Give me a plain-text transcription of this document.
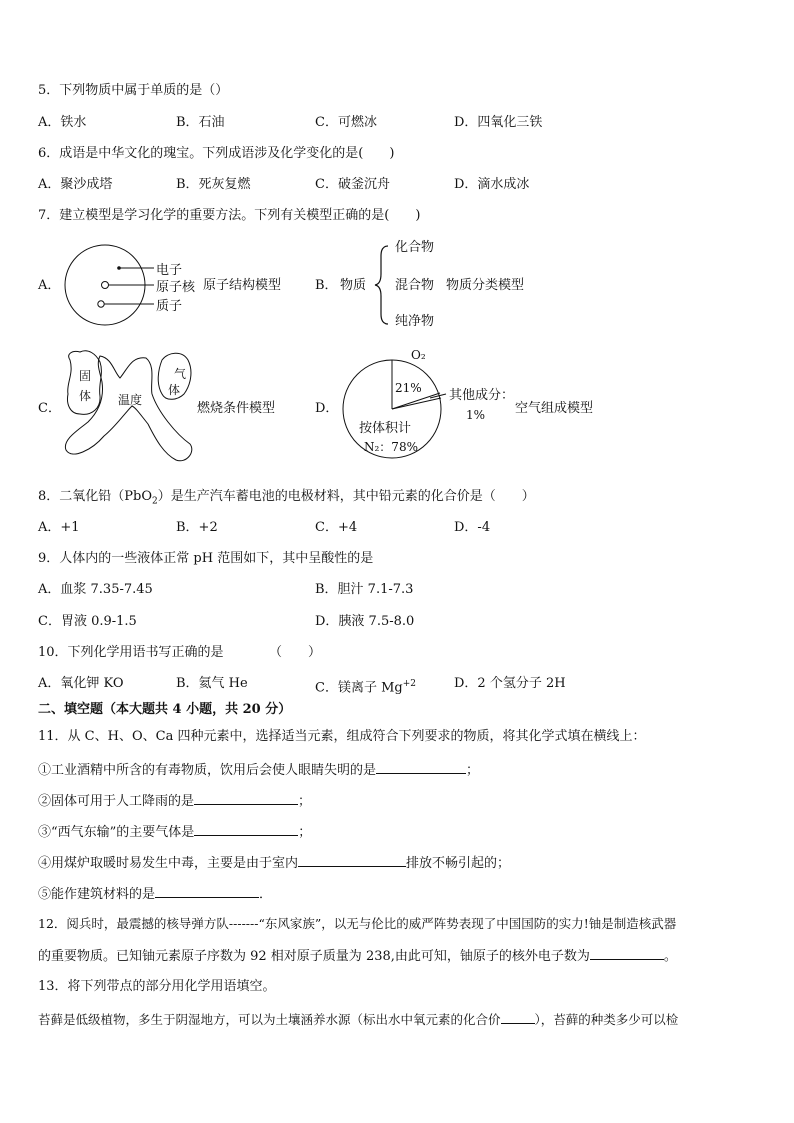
5．下列物质中属于单质的是（）
A．铁水	B．石油	C．可燃冰	D．四氧化三铁
6．成语是中华文化的瑰宝。下列成语涉及化学变化的是(　　)
A．聚沙成塔	B．死灰复燃	C．破釜沉舟	D．滴水成冰
7．建立模型是学习化学的重要方法。下列有关模型正确的是(　　)
A．
电子
原子核
质子
原子结构模型	B． 物质
化合物
混合物
纯净物
物质分类模型
C．
固
体
气
体
温度
燃烧条件模型	D．
O₂
21% 其他成分：
1%
按体积计
N₂：78%
空气组成模型
8．二氧化铅（PbO$_2$）是生产汽车蓄电池的电极材料，其中铅元素的化合价是（　　）
A．+1	B．+2	C．+4	D．-4
9．人体内的一些液体正常 pH 范围如下，其中呈酸性的是
A．血浆 7.35-7.45	B．胆汁 7.1-7.3
C．胃液 0.9-1.5	D．胰液 7.5-8.0
10．下列化学用语书写正确的是　　　　（　　）
A．氧化钾 KO	B．氦气 He	C．镁离子 $Mg^{+2}$	D．2 个氢分子 2H
二、填空题（本大题共 4 小题，共 20 分）
11．从 C、H、O、Ca 四种元素中，选择适当元素，组成符合下列要求的物质，将其化学式填在横线上：
①工业酒精中所含的有毒物质，饮用后会使人眼睛失明的是	；
②固体可用于人工降雨的是	；
③“西气东输”的主要气体是	；
④用煤炉取暖时易发生中毒，主要是由于室内	排放不畅引起的；
⑤能作建筑材料的是	．
12．阅兵时，最震撼的核导弹方队-------“东风家族”，以无与伦比的威严阵势表现了中国国防的实力!铀是制造核武器
的重要物质。已知铀元素原子序数为 92 相对原子质量为 238,由此可知，铀原子的核外电子数为	。
13．将下列带点的部分用化学用语填空。
苔藓是低级植物，多生于阴湿地方，可以为土壤涵养水源（标出水中氧元素的化合价	），苔藓的种类多少可以检
